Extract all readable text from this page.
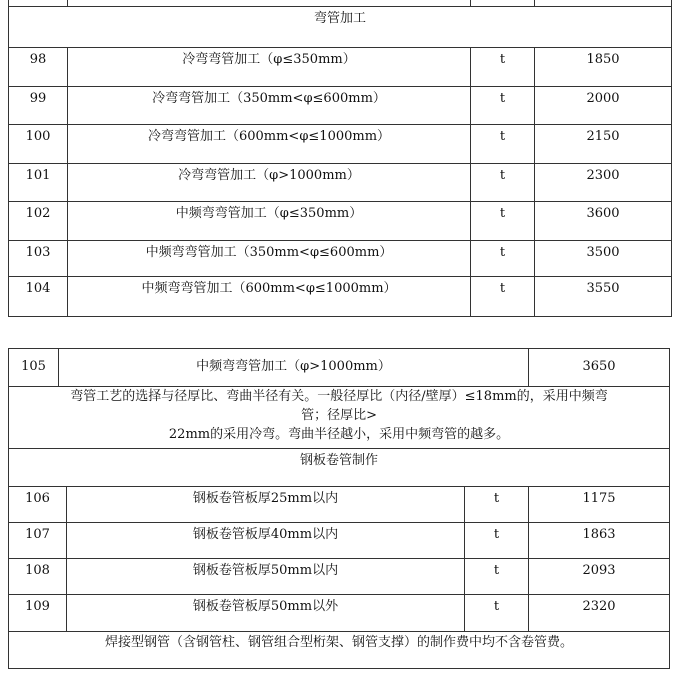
弯管加工			
98	冷弯弯管加工（φ≤350mm）	t	1850
99	冷弯弯管加工（350mm<φ≤600mm）	t	2000
100	冷弯弯管加工（600mm<φ≤1000mm）	t	2150
101	冷弯弯管加工（φ>1000mm）	t	2300
102	中频弯弯管加工（φ≤350mm）	t	3600
103	中频弯弯管加工（350mm<φ≤600mm）	t	3500
104	中频弯弯管加工（600mm<φ≤1000mm）	t	3550
105	中频弯弯管加工（φ>1000mm）			3650

弯管工艺的选择与径厚比、弯曲半径有关。一般径厚比（内径/壁厚）≤18mm的，采用中频弯
管；径厚比>
22mm的采用冷弯。弯曲半径越小，采用中频弯管的越多。				

钢板卷管制作				
106		钢板卷管板厚25mm以内	t	1175
107		钢板卷管板厚40mm以内	t	1863
108		钢板卷管板厚50mm以内	t	2093
109		钢板卷管板厚50mm以外	t	2320
焊接型钢管（含钢管柱、钢管组合型桁架、钢管支撑）的制作费中均不含卷管费。				
